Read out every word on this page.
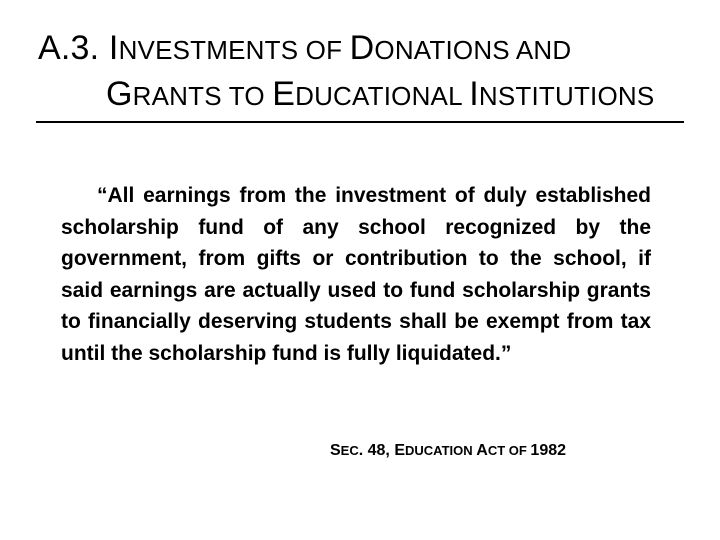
A.3. INVESTMENTS OF DONATIONS AND
GRANTS TO EDUCATIONAL INSTITUTIONS

“All earnings from the investment of duly established scholarship fund of any school recognized by the government, from gifts or contribution to the school, if said earnings are actually used to fund scholarship grants to financially deserving students shall be exempt from tax until the scholarship fund is fully liquidated.”

SEC. 48, EDUCATION ACT OF 1982
